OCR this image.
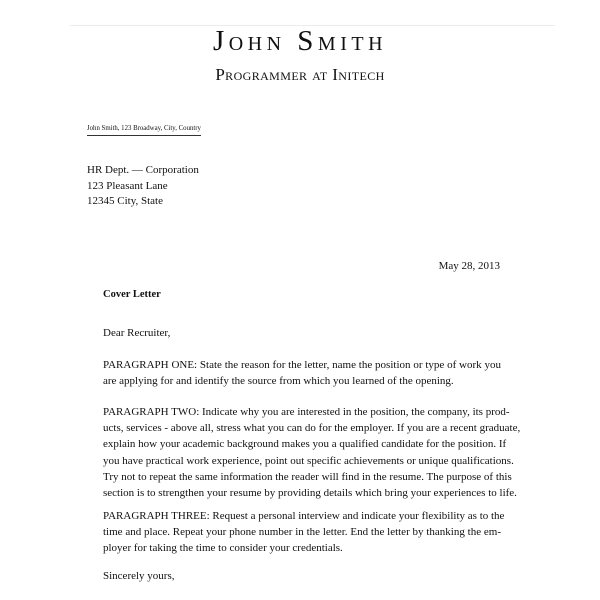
John Smith
Programmer at Initech
John Smith, 123 Broadway, City, Country
HR Dept. — Corporation
123 Pleasant Lane
12345 City, State
May 28, 2013
Cover Letter
Dear Recruiter,
PARAGRAPH ONE: State the reason for the letter, name the position or type of work you
are applying for and identify the source from which you learned of the opening.
PARAGRAPH TWO: Indicate why you are interested in the position, the company, its prod-
ucts, services - above all, stress what you can do for the employer. If you are a recent graduate,
explain how your academic background makes you a qualified candidate for the position. If
you have practical work experience, point out specific achievements or unique qualifications.
Try not to repeat the same information the reader will find in the resume. The purpose of this
section is to strengthen your resume by providing details which bring your experiences to life.
PARAGRAPH THREE: Request a personal interview and indicate your flexibility as to the
time and place. Repeat your phone number in the letter. End the letter by thanking the em-
ployer for taking the time to consider your credentials.
Sincerely yours,
